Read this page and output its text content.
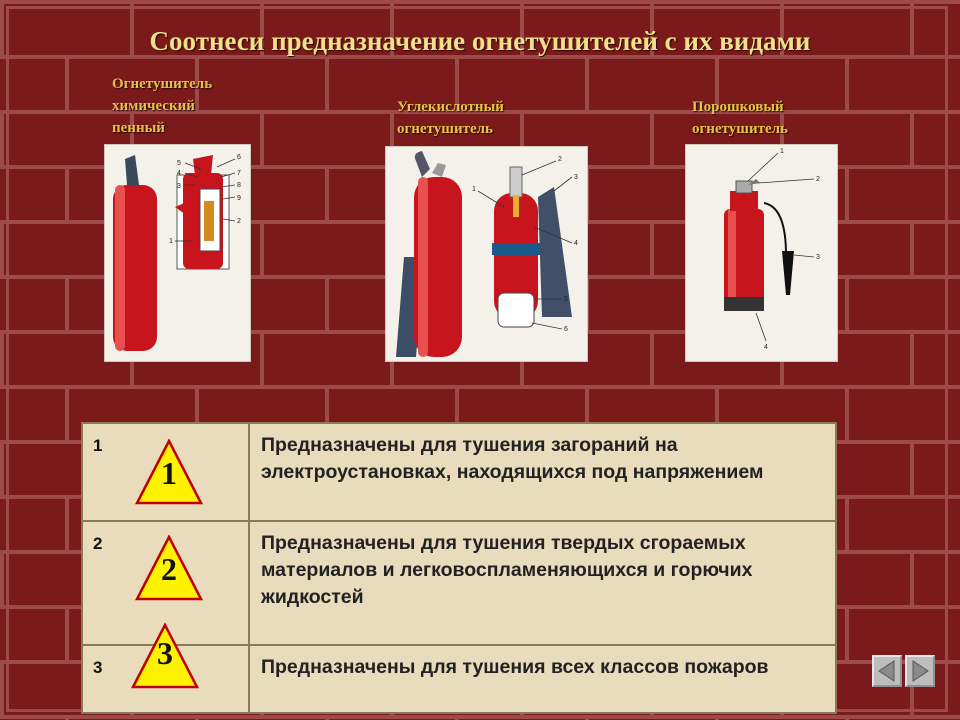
Соотнеси предназначение огнетушителей с их видами
Огнетушитель
химический
пенный
Углекислотный
огнетушитель
Порошковый
огнетушитель
5
4
3
6
7
8
9
2
1
2
3
1
4
5
6
1
2
3
4
1	Предназначены для тушения загораний на электроустановках, находящихся под напряжением
2	Предназначены для тушения твердых сгораемых материалов и легковоспламеняющихся и горючих жидкостей
3	Предназначены для тушения всех классов пожаров
1
2
3
